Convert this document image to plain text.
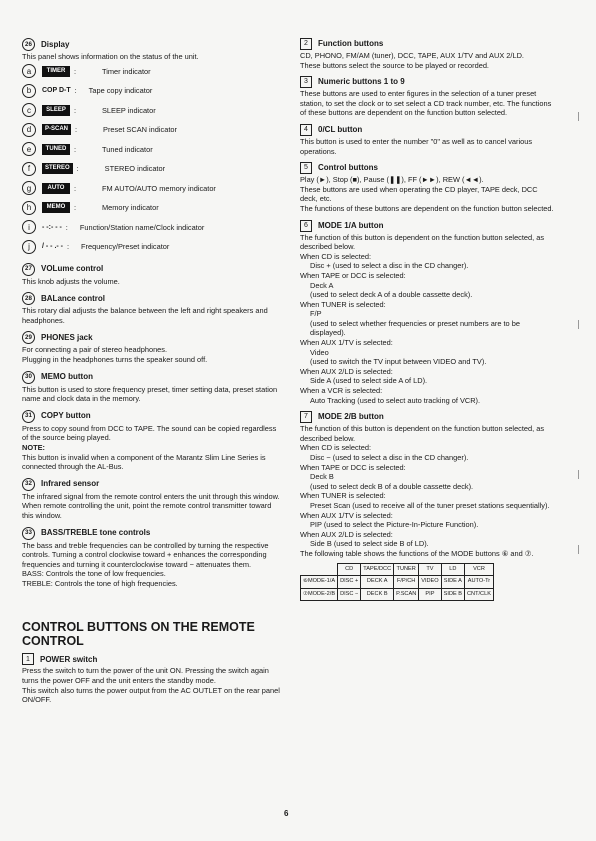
26	Display

This panel shows information on the status of the unit.

a	TIMER	:	Timer indicator
b	COP D-T :	Tape copy indicator
c	SLEEP	:	SLEEP indicator
d	P-SCAN :	Preset SCAN indicator
e	TUNED	:	Tuned indicator
f	STEREO :	STEREO indicator
g	AUTO	:	FM AUTO/AUTO memory indicator
h	MEMO	:	Memory indicator
i	- -:- - - :	Function/Station name/Clock indicator
j	/ - - .- - :	Frequency/Preset indicator
27	VOLume control

This knob adjusts the volume.

28	BALance control

This rotary dial adjusts the balance between the left and right speakers and headphones.

29	PHONES jack

For connecting a pair of stereo headphones.

Plugging in the headphones turns the speaker sound off.

30	MEMO button

This button is used to store frequency preset, timer setting data, preset station name and clock data in the memory.

31	COPY button

Press to copy sound from DCC to TAPE. The sound can be copied regardless of the source being played.

NOTE:

This button is invalid when a component of the Marantz Slim Line Series is connected through the AL-Bus.

32	Infrared sensor

The infrared signal from the remote control enters the unit through this window. When remote controlling the unit, point the remote control transmitter toward this window.

33	BASS/TREBLE tone controls

The bass and treble frequencies can be controlled by turning the respective controls. Turning a control clockwise toward + enhances the corresponding frequencies and turning it counterclockwise toward − attenuates them.

BASS: Controls the tone of low frequencies.

TREBLE: Controls the tone of high frequencies.

CONTROL BUTTONS ON THE REMOTE CONTROL
1	POWER switch

Press the switch to turn the power of the unit ON. Pressing the switch again turns the power OFF and the unit enters the standby mode.

This switch also turns the power output from the AC OUTLET on the rear panel ON/OFF.

2	Function buttons

CD, PHONO, FM/AM (tuner), DCC, TAPE, AUX 1/TV and AUX 2/LD.

These buttons select the source to be played or recorded.

3	Numeric buttons 1 to 9

These buttons are used to enter figures in the selection of a tuner preset station, to set the clock or to set select a CD track number, etc. The functions of these buttons are dependent on the function button selected.

4	0/CL button

This button is used to enter the number "0" as well as to cancel various operations.

5	Control buttons

Play (►), Stop (■), Pause (❚❚), FF (►►), REW (◄◄).

These buttons are used when operating the CD player, TAPE deck, DCC deck, etc.

The functions of these buttons are dependent on the function button selected.

6	MODE 1/A button

The function of this button is dependent on the function button selected, as described below.

When CD is selected:

Disc + (used to select a disc in the CD changer).

When TAPE or DCC is selected:

Deck A

(used to select deck A of a double cassette deck).

When TUNER is selected:

F/P

(used to select whether frequencies or preset numbers are to be displayed).

When AUX 1/TV is selected:

Video

(used to switch the TV input between VIDEO and TV).

When AUX 2/LD is selected:

Side A (used to select side A of LD).

When a VCR is selected:

Auto Tracking (used to select auto tracking of VCR).

7	MODE 2/B button

The function of this button is dependent on the function button selected, as described below.

When CD is selected:

Disc − (used to select a disc in the CD changer).

When TAPE or DCC is selected:

Deck B

(used to select deck B of a double cassette deck).

When TUNER is selected:

Preset Scan (used to receive all of the tuner preset stations sequentially).

When AUX 1/TV is selected:

PIP (used to select the Picture-In-Picture Function).

When AUX 2/LD is selected:

Side B (used to select side B of LD).

The following table shows the functions of the MODE buttons ⑥ and ⑦.

	CD	TAPE/DCC	TUNER	TV	LD	VCR
⑥MODE-1/A	DISC +	DECK A	F/P/CH	VIDEO	SIDE A	AUTO-Tr
⑦MODE-2/B	DISC −	DECK B	P.SCAN	PIP	SIDE B	CNT/CLK
6
